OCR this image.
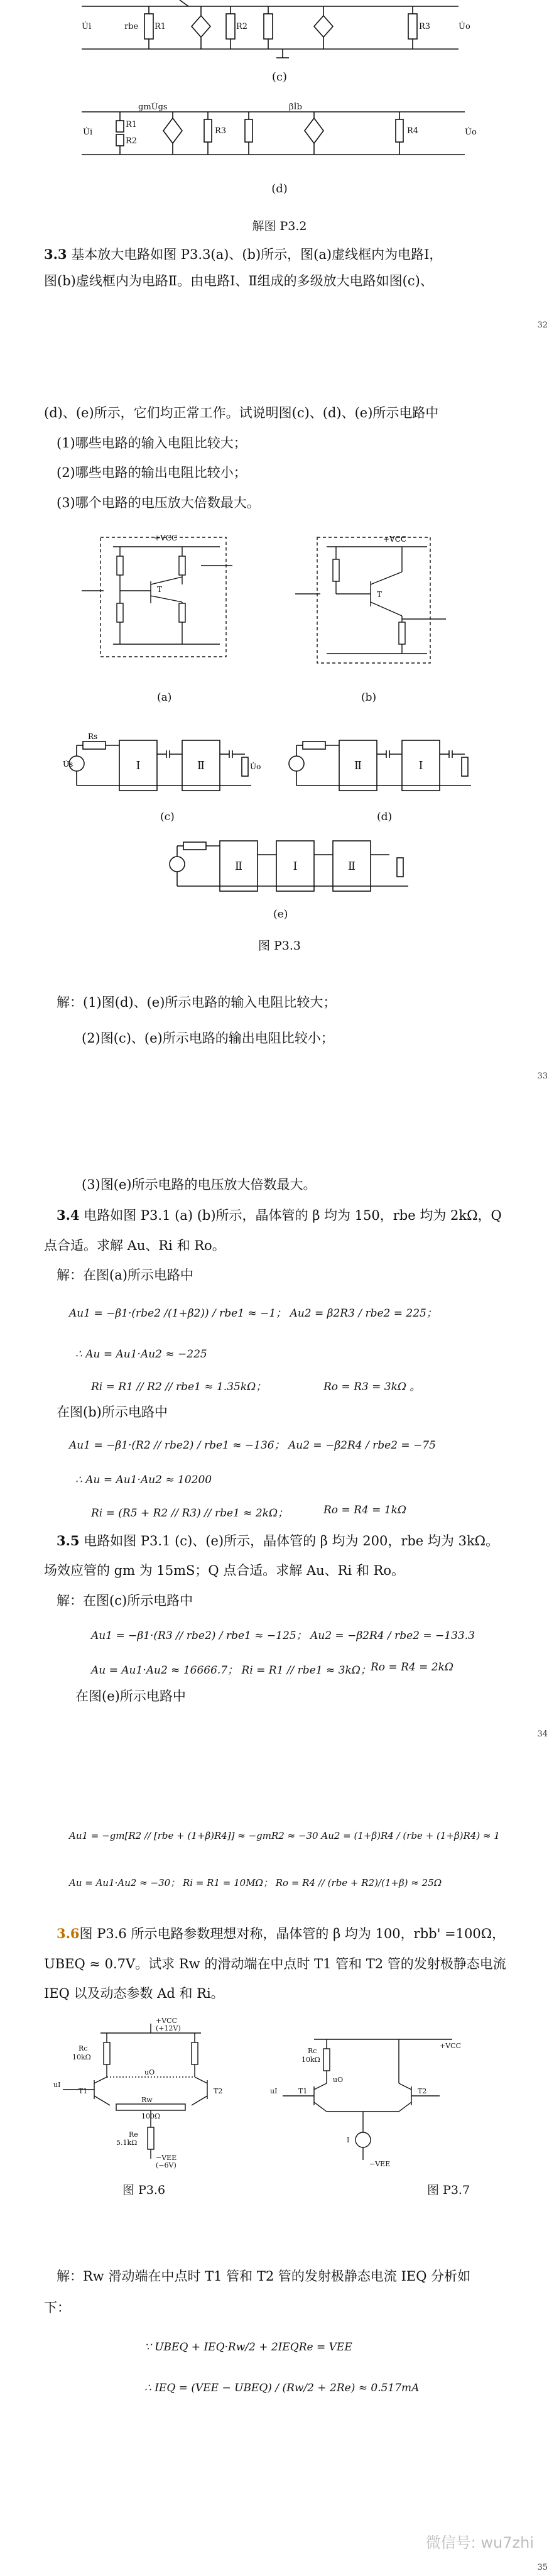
U̇i	rbe R1	R2	R3	U̇o
(c)
U̇i
R1
R2
gmU̇gs
R3
βİb
R4	U̇o
(d)
解图 P3.2
3.3 基本放大电路如图 P3.3(a)、(b)所示，图(a)虚线框内为电路Ⅰ，
图(b)虚线框内为电路Ⅱ。由电路Ⅰ、Ⅱ组成的多级放大电路如图(c)、
32
(d)、(e)所示，它们均正常工作。试说明图(c)、(d)、(e)所示电路中
(1)哪些电路的输入电阻比较大；
(2)哪些电路的输出电阻比较小；
(3)哪个电路的电压放大倍数最大。
+VCC
T
+VCC
T
(a)	(b)
Ⅰ	Ⅱ
Rs
U̇s	U̇o	Ⅱ	Ⅰ
(c)	(d)
Ⅱ	Ⅰ	Ⅱ
(e)
图 P3.3
解：(1)图(d)、(e)所示电路的输入电阻比较大；
(2)图(c)、(e)所示电路的输出电阻比较小；
33
(3)图(e)所示电路的电压放大倍数最大。
3.4 电路如图 P3.1 (a) (b)所示，晶体管的 β 均为 150，rbe 均为 2kΩ，Q
点合适。求解 Au、Ri 和 Ro。
解：在图(a)所示电路中
Au1 = −β1·(rbe2 /(1+β2)) / rbe1 ≈ −1； Au2 = β2R3 / rbe2 = 225；
∴ Au = Au1·Au2 ≈ −225
Ri = R1 // R2 // rbe1 ≈ 1.35kΩ；	Ro = R3 = 3kΩ 。
在图(b)所示电路中
Au1 = −β1·(R2 // rbe2) / rbe1 ≈ −136； Au2 = −β2R4 / rbe2 = −75
∴ Au = Au1·Au2 ≈ 10200
Ri = (R5 + R2 // R3) // rbe1 ≈ 2kΩ；	Ro = R4 = 1kΩ
3.5 电路如图 P3.1 (c)、(e)所示，晶体管的 β 均为 200，rbe 均为 3kΩ。
场效应管的 gm 为 15mS；Q 点合适。求解 Au、Ri 和 Ro。
解：在图(c)所示电路中
Au1 = −β1·(R3 // rbe2) / rbe1 ≈ −125； Au2 = −β2R4 / rbe2 = −133.3
Au = Au1·Au2 ≈ 16666.7； Ri = R1 // rbe1 ≈ 3kΩ； Ro = R4 = 2kΩ
在图(e)所示电路中
34
Au1 = −gm[R2 // [rbe + (1+β)R4]] ≈ −gmR2 ≈ −30 Au2 = (1+β)R4 / (rbe + (1+β)R4) ≈ 1
Au = Au1·Au2 ≈ −30； Ri = R1 = 10MΩ； Ro = R4 // (rbe + R2)/(1+β) ≈ 25Ω
3.6图 P3.6 所示电路参数理想对称，晶体管的 β 均为 100，rbb' =100Ω，
UBEQ ≈ 0.7V。试求 Rw 的滑动端在中点时 T1 管和 T2 管的发射极静态电流
IEQ 以及动态参数 Ad 和 Ri。
+VCC
(+12V)
Rc
10kΩ
T1	T2
Rw
100Ω
Re
5.1kΩ
−VEE
(−6V)
uI
uO
+VCC
Rc
10kΩ
T1	T2
uI
uO
I
−VEE
图 P3.6	图 P3.7
解：Rw 滑动端在中点时 T1 管和 T2 管的发射极静态电流 IEQ 分析如
下：
∵ UBEQ + IEQ·Rw/2 + 2IEQRe = VEE
∴ IEQ = (VEE − UBEQ) / (Rw/2 + 2Re) ≈ 0.517mA
微信号: wu7zhi
35
